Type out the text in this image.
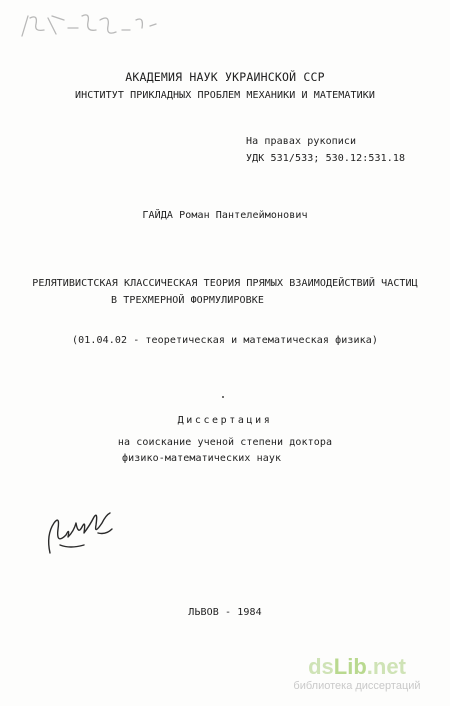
АКАДЕМИЯ НАУК УКРАИНСКОЙ ССР
ИНСТИТУТ ПРИКЛАДНЫХ ПРОБЛЕМ МЕХАНИКИ И МАТЕМАТИКИ
На правах рукописи
УДК 531/533; 530.12:531.18
ГАЙДА Роман Пантелеймонович
РЕЛЯТИВИСТСКАЯ КЛАССИЧЕСКАЯ ТЕОРИЯ ПРЯМЫХ ВЗАИМОДЕЙСТВИЙ ЧАСТИЦ
В ТРЕХМЕРНОЙ ФОРМУЛИРОВКЕ
(01.04.02 - теоретическая и математическая физика)
Диссертация
на соискание ученой степени доктора
физико-математических наук
ЛЬВОВ - 1984
dsLib.net
библиотека диссертаций
